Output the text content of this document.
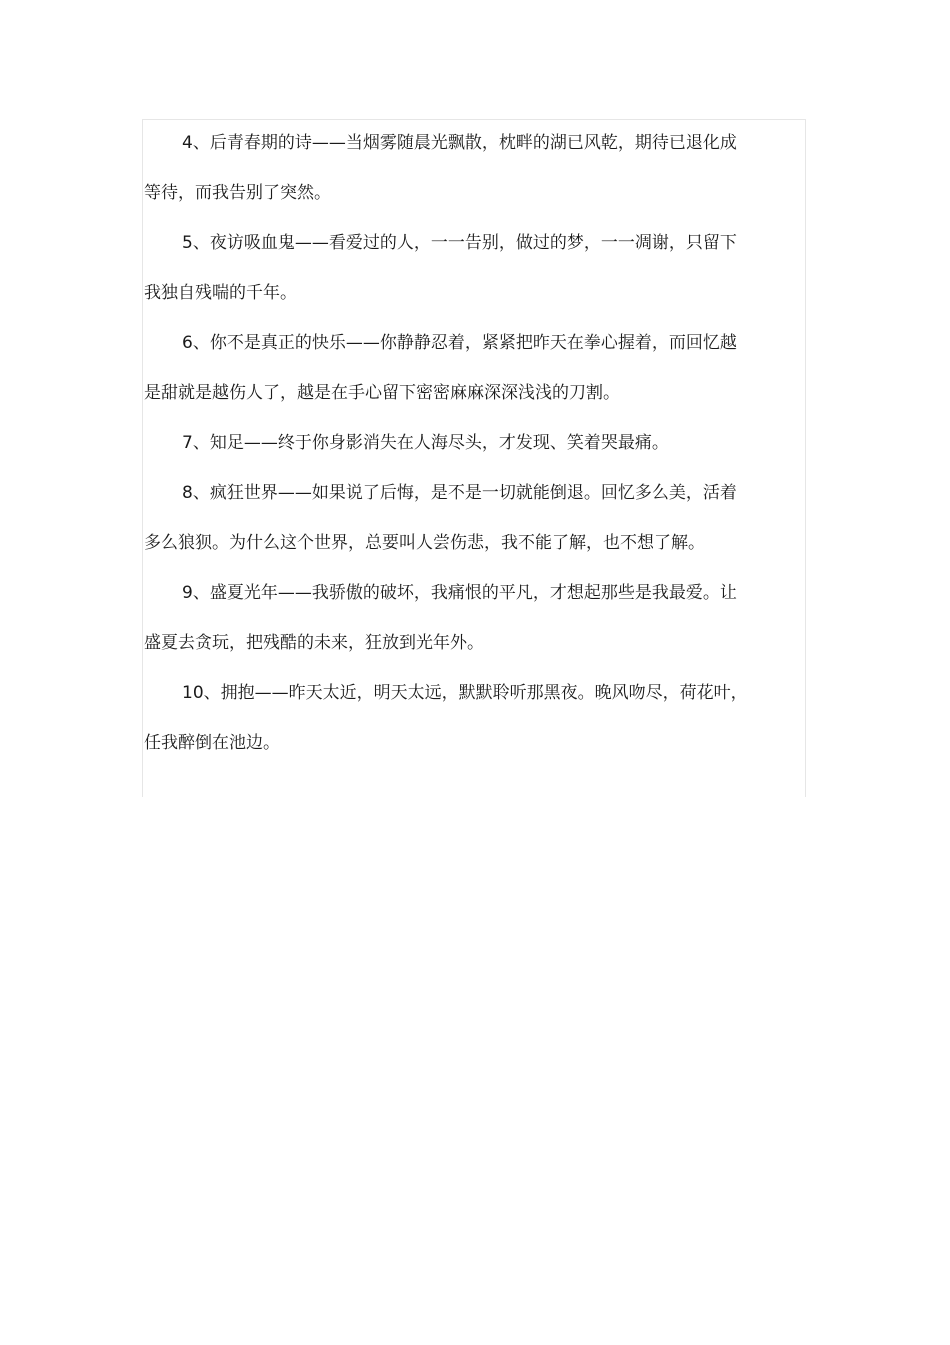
4、后青春期的诗——当烟雾随晨光飘散，枕畔的湖已风乾，期待已退化成
等待，而我告别了突然。
5、夜访吸血鬼——看爱过的人，一一告别，做过的梦，一一凋谢，只留下
我独自残喘的千年。
6、你不是真正的快乐——你静静忍着，紧紧把昨天在拳心握着，而回忆越
是甜就是越伤人了，越是在手心留下密密麻麻深深浅浅的刀割。
7、知足——终于你身影消失在人海尽头，才发现、笑着哭最痛。
8、疯狂世界——如果说了后悔，是不是一切就能倒退。回忆多么美，活着
多么狼狈。为什么这个世界，总要叫人尝伤悲，我不能了解，也不想了解。
9、盛夏光年——我骄傲的破坏，我痛恨的平凡，才想起那些是我最爱。让
盛夏去贪玩，把残酷的未来，狂放到光年外。
10、拥抱——昨天太近，明天太远，默默聆听那黑夜。晚风吻尽，荷花叶，
任我醉倒在池边。
